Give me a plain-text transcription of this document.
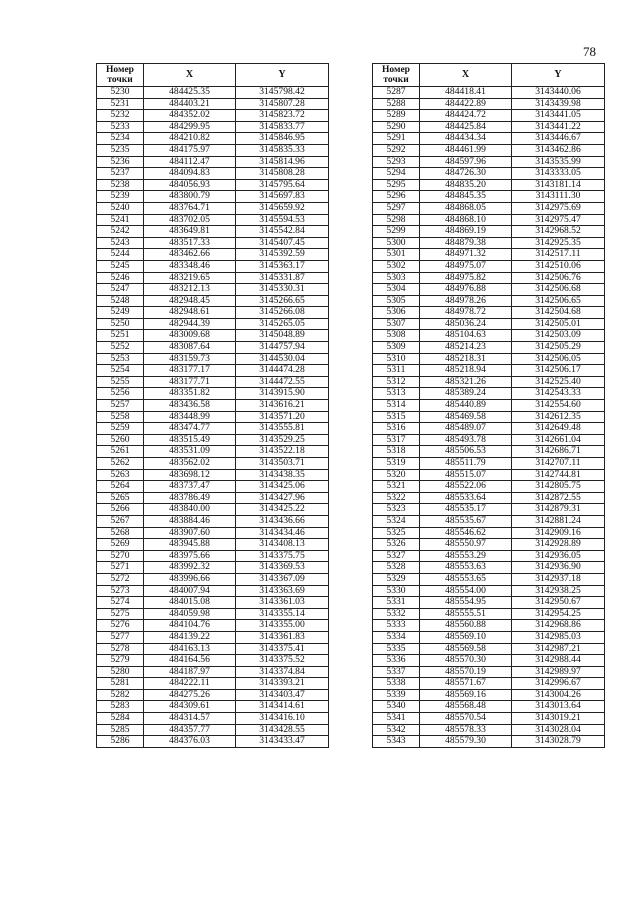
78
Номер
точки	X	Y
5230	484425.35	3145798.42
5231	484403.21	3145807.28
5232	484352.02	3145823.72
5233	484299.95	3145833.77
5234	484210.82	3145846.95
5235	484175.97	3145835.33
5236	484112.47	3145814.96
5237	484094.83	3145808.28
5238	484056.93	3145795.64
5239	483800.79	3145697.83
5240	483764.71	3145659.92
5241	483702.05	3145594.53
5242	483649.81	3145542.84
5243	483517.33	3145407.45
5244	483462.66	3145392.59
5245	483348.46	3145363.17
5246	483219.65	3145331.87
5247	483212.13	3145330.31
5248	482948.45	3145266.65
5249	482948.61	3145266.08
5250	482944.39	3145265.05
5251	483009.68	3145048.89
5252	483087.64	3144757.94
5253	483159.73	3144530.04
5254	483177.17	3144474.28
5255	483177.71	3144472.55
5256	483351.82	3143915.90
5257	483436.58	3143616.21
5258	483448.99	3143571.20
5259	483474.77	3143555.81
5260	483515.49	3143529.25
5261	483531.09	3143522.18
5262	483562.02	3143503.71
5263	483698.12	3143438.35
5264	483737.47	3143425.06
5265	483786.49	3143427.96
5266	483840.00	3143425.22
5267	483884.46	3143436.66
5268	483907.60	3143434.46
5269	483945.88	3143408.13
5270	483975.66	3143375.75
5271	483992.32	3143369.53
5272	483996.66	3143367.09
5273	484007.94	3143363.69
5274	484015.08	3143361.03
5275	484059.98	3143355.14
5276	484104.76	3143355.00
5277	484139.22	3143361.83
5278	484163.13	3143375.41
5279	484164.56	3143375.52
5280	484187.97	3143374.84
5281	484222.11	3143393.21
5282	484275.26	3143403.47
5283	484309.61	3143414.61
5284	484314.57	3143416.10
5285	484357.77	3143428.55
5286	484376.03	3143433.47
Номер
точки	X	Y
5287	484418.41	3143440.06
5288	484422.89	3143439.98
5289	484424.72	3143441.05
5290	484425.84	3143441.22
5291	484434.34	3143446.67
5292	484461.99	3143462.86
5293	484597.96	3143535.99
5294	484726.30	3143333.05
5295	484835.20	3143181.14
5296	484845.35	3143111.30
5297	484868.05	3142975.69
5298	484868.10	3142975.47
5299	484869.19	3142968.52
5300	484879.38	3142925.35
5301	484971.32	3142517.11
5302	484975.07	3142510.06
5303	484975.82	3142506.76
5304	484976.88	3142506.68
5305	484978.26	3142506.65
5306	484978.72	3142504.68
5307	485036.24	3142505.01
5308	485104.63	3142503.09
5309	485214.23	3142505.29
5310	485218.31	3142506.05
5311	485218.94	3142506.17
5312	485321.26	3142525.40
5313	485389.24	3142543.33
5314	485440.89	3142554.60
5315	485469.58	3142612.35
5316	485489.07	3142649.48
5317	485493.78	3142661.04
5318	485506.53	3142686.71
5319	485511.79	3142707.11
5320	485515.07	3142744.81
5321	485522.06	3142805.75
5322	485533.64	3142872.55
5323	485535.17	3142879.31
5324	485535.67	3142881.24
5325	485546.62	3142909.16
5326	485550.97	3142928.89
5327	485553.29	3142936.05
5328	485553.63	3142936.90
5329	485553.65	3142937.18
5330	485554.00	3142938.25
5331	485554.95	3142950.67
5332	485555.51	3142954.25
5333	485560.88	3142968.86
5334	485569.10	3142985.03
5335	485569.58	3142987.21
5336	485570.30	3142988.44
5337	485570.19	3142989.97
5338	485571.67	3142996.67
5339	485569.16	3143004.26
5340	485568.48	3143013.64
5341	485570.54	3143019.21
5342	485578.33	3143028.04
5343	485579.30	3143028.79
